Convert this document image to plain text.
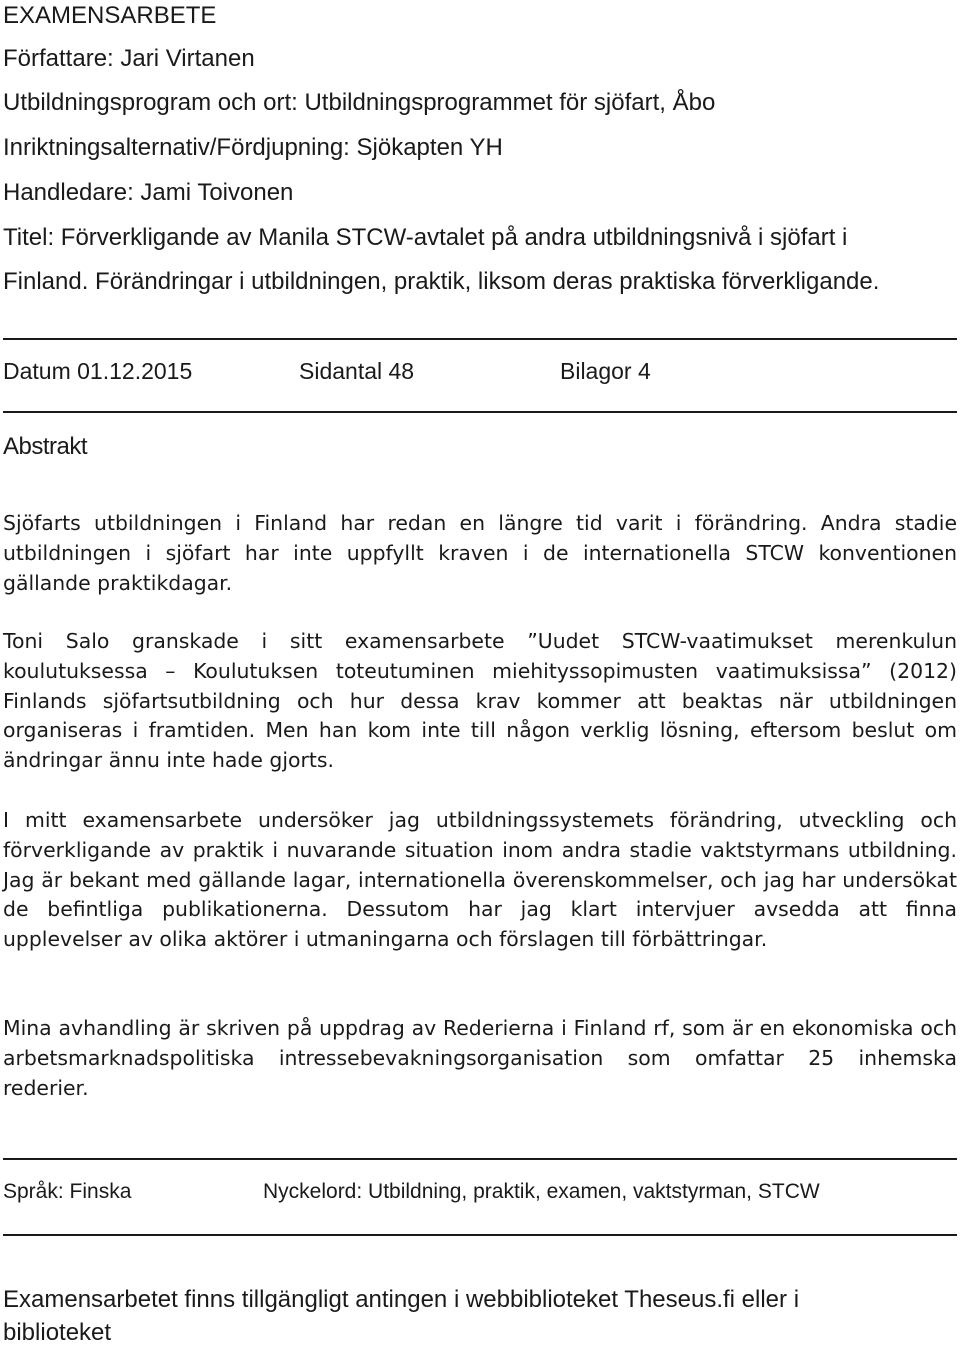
EXAMENSARBETE
Författare: Jari Virtanen
Utbildningsprogram och ort: Utbildningsprogrammet för sjöfart, Åbo
Inriktningsalternativ/Fördjupning: Sjökapten YH
Handledare: Jami Toivonen
Titel: Förverkligande av Manila STCW-avtalet på andra utbildningsnivå i sjöfart i
Finland. Förändringar i utbildningen, praktik, liksom deras praktiska förverkligande.
Datum 01.12.2015	Sidantal 48	Bilagor 4
Abstrakt

Sjöfarts utbildningen i Finland har redan en längre tid varit i förändring. Andra stadie utbildningen i sjöfart har inte uppfyllt kraven i de internationella STCW konventionen gällande praktikdagar.

Toni Salo granskade i sitt examensarbete ”Uudet STCW-vaatimukset merenkulun koulutuksessa – Koulutuksen toteutuminen miehityssopimusten vaatimuksissa” (2012) Finlands sjöfartsutbildning och hur dessa krav kommer att beaktas när utbildningen organiseras i framtiden. Men han kom inte till någon verklig lösning, eftersom beslut om ändringar ännu inte hade gjorts.

I mitt examensarbete undersöker jag utbildningssystemets förändring, utveckling och förverkligande av praktik i nuvarande situation inom andra stadie vaktstyrmans utbildning. Jag är bekant med gällande lagar, internationella överenskommelser, och jag har undersökat de befintliga publikationerna. Dessutom har jag klart intervjuer avsedda att finna upplevelser av olika aktörer i utmaningarna och förslagen till förbättringar.

Mina avhandling är skriven på uppdrag av Rederierna i Finland rf, som är en ekonomiska och arbetsmarknadspolitiska intressebevakningsorganisation som omfattar 25 inhemska rederier.

Språk: Finska	Nyckelord: Utbildning, praktik, examen, vaktstyrman, STCW

Examensarbetet finns tillgängligt antingen i webbiblioteket Theseus.fi eller i biblioteket
